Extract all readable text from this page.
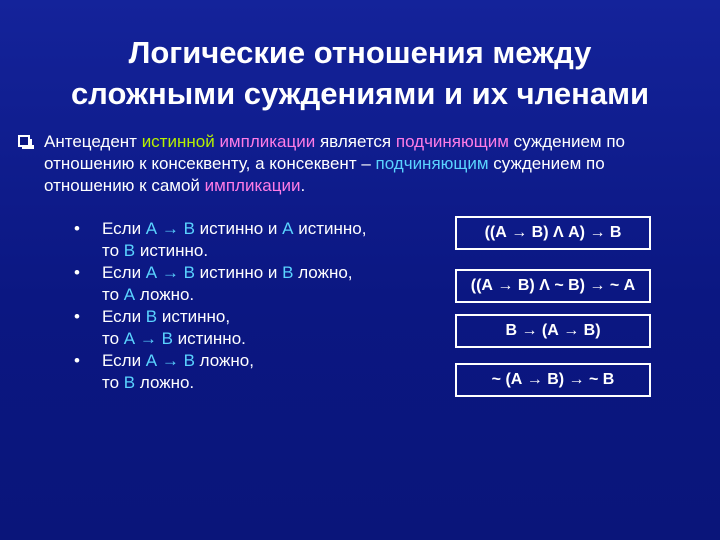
Логические отношения между
сложными суждениями и их членами
Антецедент истинной импликации является подчиняющим суждением по отношению к консеквенту, а консеквент – подчиняющим суждением по отношению к самой импликации.
• Если А → В истинно и А истинно,
то В истинно.
• Если А → В истинно и В ложно,
то А ложно.
• Если В истинно,
то А → В истинно.
• Если А → В ложно,
то В ложно.
((А → В) Λ А) → В
((А → В) Λ ~ В) → ~ А
В → (А → В)
~ (А → В) → ~ В
